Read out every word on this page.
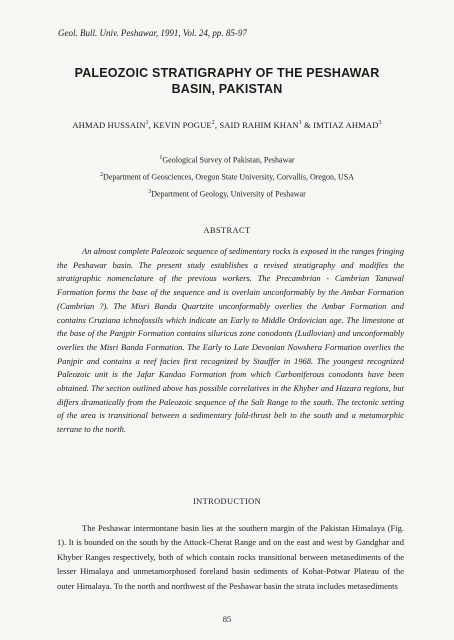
Geol. Bull. Univ. Peshawar, 1991, Vol. 24, pp. 85-97
PALEOZOIC STRATIGRAPHY OF THE PESHAWAR
BASIN, PAKISTAN
AHMAD HUSSAIN$^1$, KEVIN POGUE$^2$, SAID RAHIM KHAN$^1$ & IMTIAZ AHMAD$^3$
$^1$Geological Survey of Pakistan, Peshawar
$^2$Department of Geosciences, Oregon State University, Corvallis, Oregon, USA
$^3$Department of Geology, University of Peshawar
ABSTRACT

An almost complete Paleozoic sequence of sedimentary rocks is exposed in the ranges fringing the Peshawar basin. The present study establishes a revised stratigraphy and modifies the stratigraphic nomenclature of the previous workers. The Precambrian - Cambrian Tanawal Formation forms the base of the sequence and is overlain unconformably by the Ambar Formation (Cambrian ?). The Misri Banda Quartzite unconformably overlies the Ambar Formation and contains Cruziana ichnofossils which indicate an Early to Middle Ordovician age. The limestone at the base of the Panjpir Formation contains siluricus zone conodonts (Ludlovian) and unconformably overlies the Misri Banda Formation. The Early to Late Devonian Nowshera Formation overlies the Panjpir and contains a reef facies first recognized by Stauffer in 1968. The youngest recognized Paleozoic unit is the Jafar Kandao Formation from which Carboniferous conodonts have been obtained. The section outlined above has possible correlatives in the Khyber and Hazara regions, but differs dramatically from the Paleozoic sequence of the Salt Range to the south. The tectonic setting of the area is transitional between a sedimentary fold-thrust belt to the south and a metamorphic terrane to the north.

INTRODUCTION

The Peshawar intermontane basin lies at the southern margin of the Pakistan Himalaya (Fig. 1). It is bounded on the south by the Attock-Cherat Range and on the east and west by Gandghar and Khyber Ranges respectively, both of which contain rocks transitional between metasediments of the lesser Himalaya and unmetamorphosed foreland basin sediments of Kohat-Potwar Plateau of the outer Himalaya. To the north and northwest of the Peshawar basin the strata includes metasediments

85
